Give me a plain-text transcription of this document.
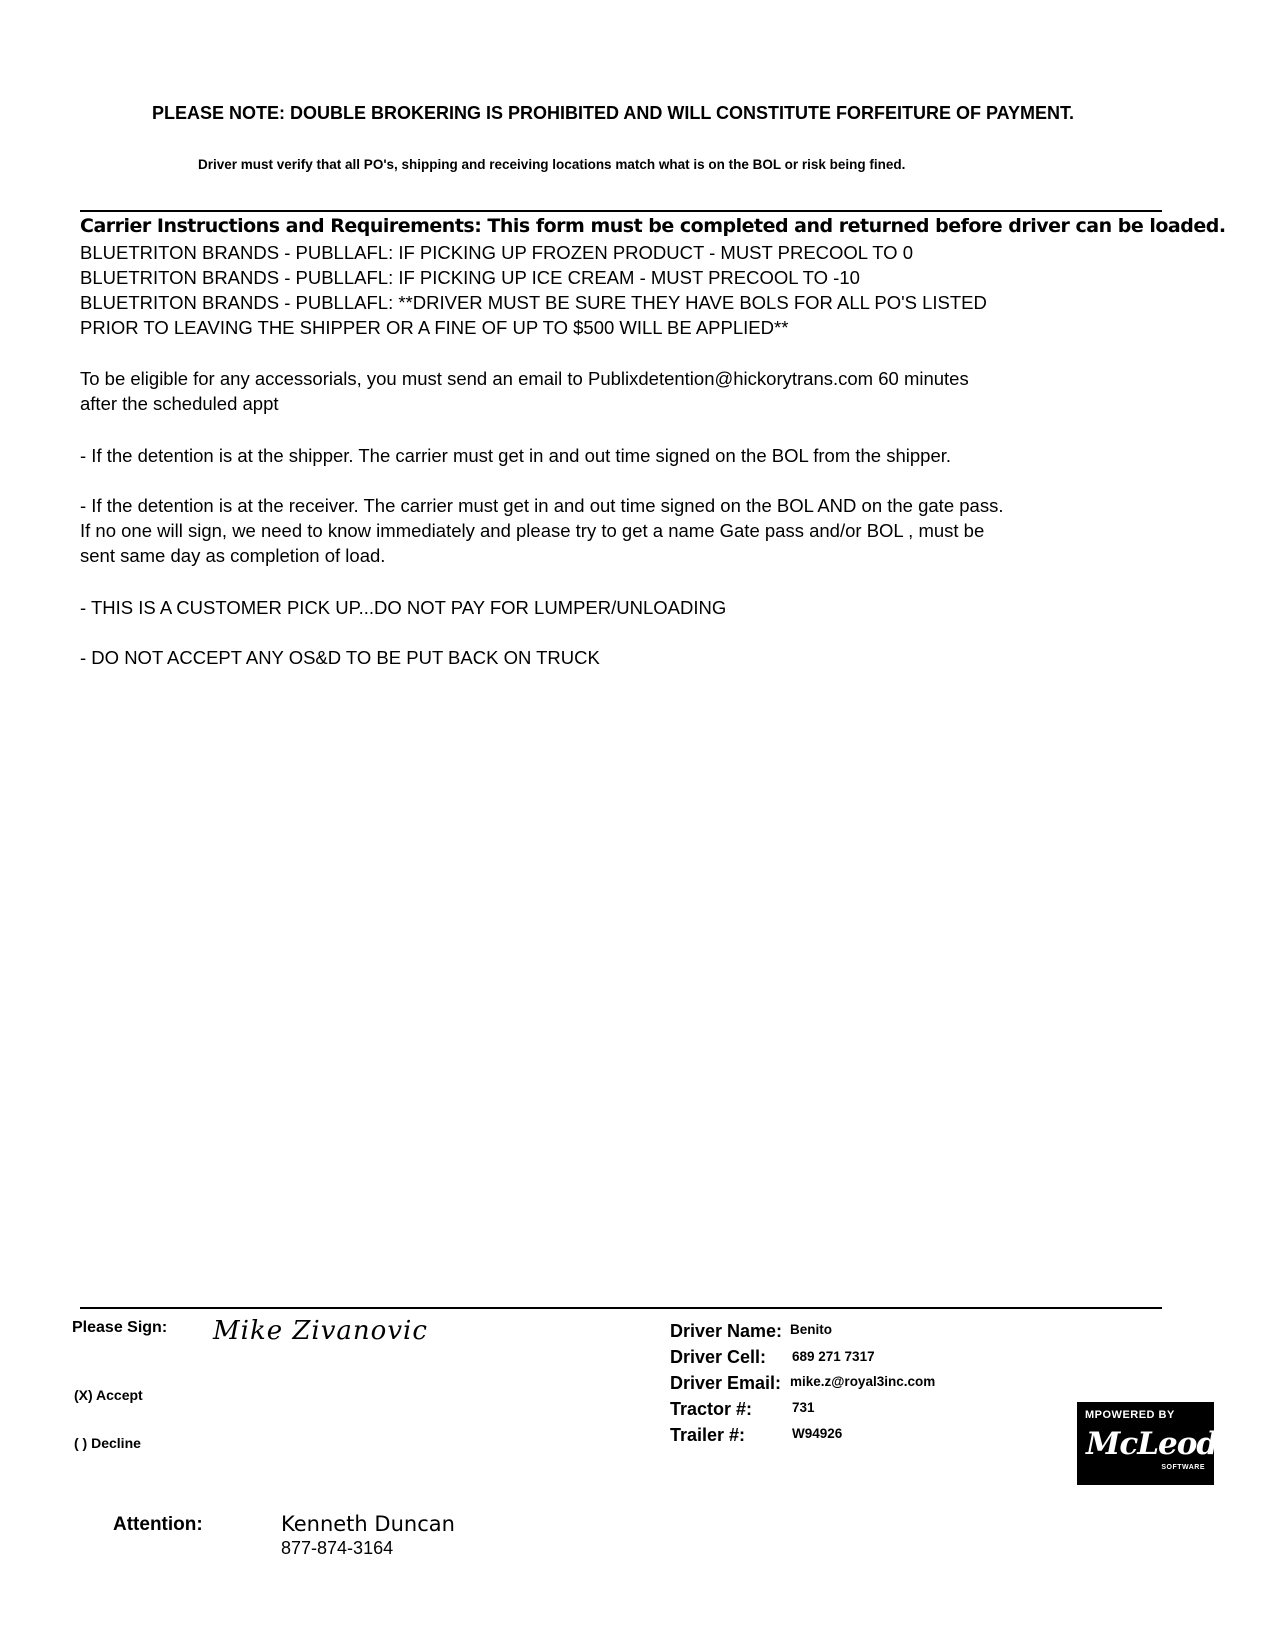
PLEASE NOTE: DOUBLE BROKERING IS PROHIBITED AND WILL CONSTITUTE FORFEITURE OF PAYMENT.
Driver must verify that all PO's, shipping and receiving locations match what is on the BOL or risk being fined.
Carrier Instructions and Requirements: This form must be completed and returned before driver can be loaded.
BLUETRITON BRANDS - PUBLLAFL: IF PICKING UP FROZEN PRODUCT - MUST PRECOOL TO 0
BLUETRITON BRANDS - PUBLLAFL: IF PICKING UP ICE CREAM - MUST PRECOOL TO -10
BLUETRITON BRANDS - PUBLLAFL: **DRIVER MUST BE SURE THEY HAVE BOLS FOR ALL PO'S LISTED
PRIOR TO LEAVING THE SHIPPER OR A FINE OF UP TO $500 WILL BE APPLIED**
To be eligible for any accessorials, you must send an email to Publixdetention@hickorytrans.com 60 minutes
after the scheduled appt
- If the detention is at the shipper. The carrier must get in and out time signed on the BOL from the shipper.
- If the detention is at the receiver. The carrier must get in and out time signed on the BOL AND on the gate pass.
If no one will sign, we need to know immediately and please try to get a name Gate pass and/or BOL , must be
sent same day as completion of load.
- THIS IS A CUSTOMER PICK UP...DO NOT PAY FOR LUMPER/UNLOADING
- DO NOT ACCEPT ANY OS&D TO BE PUT BACK ON TRUCK
Please Sign: Mike Zivanovic
(X) Accept
( ) Decline
Driver Name: Benito
Driver Cell: 689 271 7317
Driver Email: mike.z@royal3inc.com
Tractor #:	731
Trailer #:	W94926
MPOWERED BY
McLeod
SOFTWARE
Attention:	Kenneth Duncan
877-874-3164
